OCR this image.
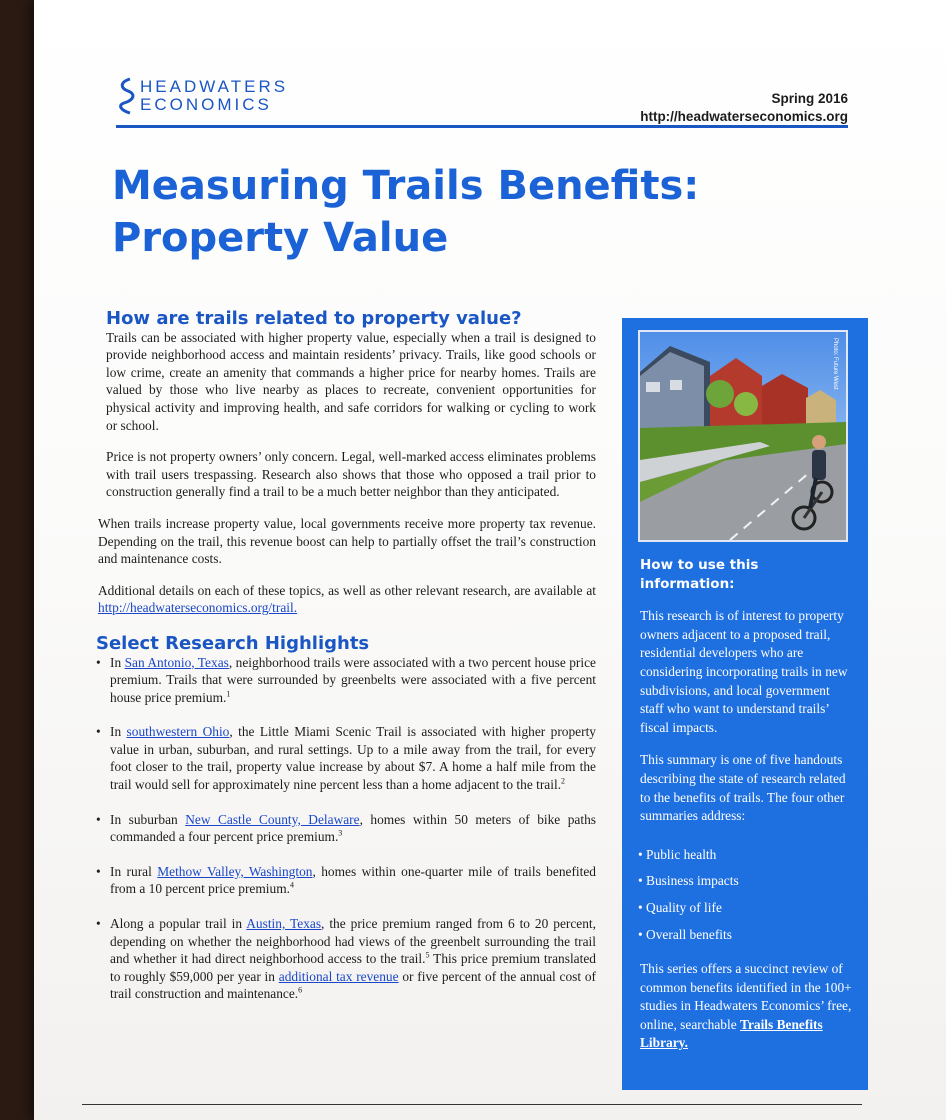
HEADWATERS
ECONOMICS	Spring 2016
http://headwaterseconomics.org
Measuring Trails Benefits:
Property Value
How are trails related to property value?

Trails can be associated with higher property value, especially when a trail is designed to provide neighborhood access and maintain residents’ privacy. Trails, like good schools or low crime, create an amenity that commands a higher price for nearby homes. Trails are valued by those who live nearby as places to recreate, convenient opportunities for physical activity and improving health, and safe corridors for walking or cycling to work or school.

Price is not property owners’ only concern. Legal, well-marked access eliminates problems with trail users trespassing. Research also shows that those who opposed a trail prior to construction generally find a trail to be a much better neighbor than they anticipated.

When trails increase property value, local governments receive more property tax revenue. Depending on the trail, this revenue boost can help to partially offset the trail’s construction and maintenance costs.

Additional details on each of these topics, as well as other relevant research, are available at http://headwaterseconomics.org/trail.

Select Research Highlights
• In San Antonio, Texas, neighborhood trails were associated with a two percent house price premium. Trails that were surrounded by greenbelts were associated with a five percent house price premium.$^1$
• In southwestern Ohio, the Little Miami Scenic Trail is associated with higher property value in urban, suburban, and rural settings. Up to a mile away from the trail, for every foot closer to the trail, property value increase by about $7. A home a half mile from the trail would sell for approximately nine percent less than a home adjacent to the trail.$^2$
• In suburban New Castle County, Delaware, homes within 50 meters of bike paths commanded a four percent price premium.$^3$
• In rural Methow Valley, Washington, homes within one-quarter mile of trails benefited from a 10 percent price premium.$^4$
• Along a popular trail in Austin, Texas, the price premium ranged from 6 to 20 percent, depending on whether the neighborhood had views of the greenbelt surrounding the trail and whether it had direct neighborhood access to the trail.$^5$ This price premium translated to roughly $59,000 per year in additional tax revenue or five percent of the annual cost of trail construction and maintenance.$^6$
Photo: Future West
How to use this information:

This research is of interest to property owners adjacent to a proposed trail, residential developers who are considering incorporating trails in new subdivisions, and local government staff who want to understand trails’ fiscal impacts.

This summary is one of five handouts describing the state of research related to the benefits of trails. The four other summaries address:

• Public health
• Business impacts
• Quality of life
• Overall benefits

This series offers a succinct review of common benefits identified in the 100+ studies in Headwaters Economics’ free, online, searchable Trails Benefits Library.
